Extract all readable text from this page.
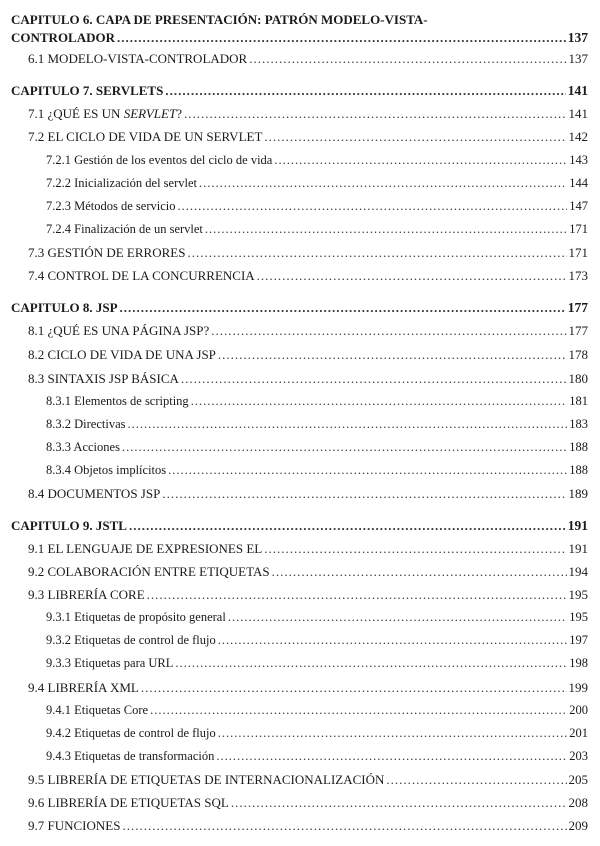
CAPITULO 6. CAPA DE PRESENTACIÓN: PATRÓN MODELO-VISTA-
CONTROLADOR .....	137
6.1 MODELO-VISTA-CONTROLADOR .....	137
CAPITULO 7. SERVLETS .....	141
7.1 ¿QUÉ ES UN SERVLET? .....	141
7.2 EL CICLO DE VIDA DE UN SERVLET .....	142
7.2.1 Gestión de los eventos del ciclo de vida .....	143
7.2.2 Inicialización del servlet .....	144
7.2.3 Métodos de servicio .....	147
7.2.4 Finalización de un servlet .....	171
7.3 GESTIÓN DE ERRORES .....	171
7.4 CONTROL DE LA CONCURRENCIA .....	173
CAPITULO 8. JSP .....	177
8.1 ¿QUÉ ES UNA PÁGINA JSP? .....	177
8.2 CICLO DE VIDA DE UNA JSP .....	178
8.3 SINTAXIS JSP BÁSICA .....	180
8.3.1 Elementos de scripting .....	181
8.3.2 Directivas .....	183
8.3.3 Acciones .....	188
8.3.4 Objetos implícitos .....	188
8.4 DOCUMENTOS JSP .....	189
CAPITULO 9. JSTL .....	191
9.1 EL LENGUAJE DE EXPRESIONES EL .....	191
9.2 COLABORACIÓN ENTRE ETIQUETAS .....	194
9.3 LIBRERÍA CORE .....	195
9.3.1 Etiquetas de propósito general .....	195
9.3.2 Etiquetas de control de flujo .....	197
9.3.3 Etiquetas para URL .....	198
9.4 LIBRERÍA XML .....	199
9.4.1 Etiquetas Core .....	200
9.4.2 Etiquetas de control de flujo .....	201
9.4.3 Etiquetas de transformación .....	203
9.5 LIBRERÍA DE ETIQUETAS DE INTERNACIONALIZACIÓN .....	205
9.6 LIBRERÍA DE ETIQUETAS SQL .....	208
9.7 FUNCIONES .....	209
